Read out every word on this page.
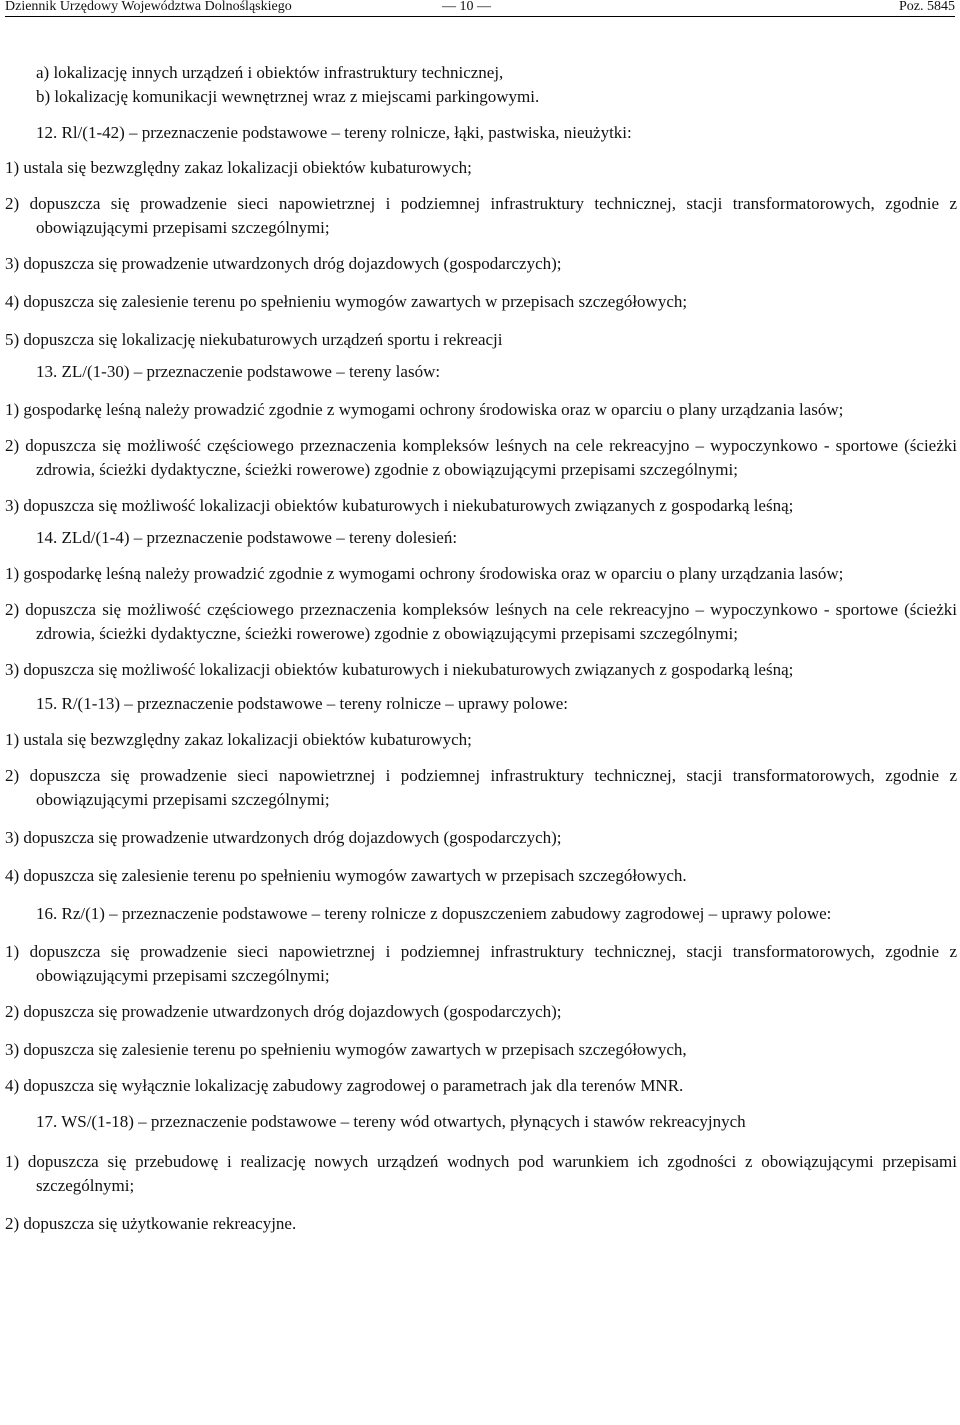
Dziennik Urzędowy Województwa Dolnośląskiego	— 10 —	Poz. 5845

a) lokalizację innych urządzeń i obiektów infrastruktury technicznej,

b) lokalizację komunikacji wewnętrznej wraz z miejscami parkingowymi.

12. Rl/(1-42) – przeznaczenie podstawowe – tereny rolnicze, łąki, pastwiska, nieużytki:

1) ustala się bezwzględny zakaz lokalizacji obiektów kubaturowych;

2) dopuszcza się prowadzenie sieci napowietrznej i podziemnej infrastruktury technicznej, stacji transformatorowych, zgodnie z obowiązującymi przepisami szczególnymi;

3) dopuszcza się prowadzenie utwardzonych dróg dojazdowych (gospodarczych);

4) dopuszcza się zalesienie terenu po spełnieniu wymogów zawartych w przepisach szczegółowych;

5) dopuszcza się lokalizację niekubaturowych urządzeń sportu i rekreacji

13. ZL/(1-30) – przeznaczenie podstawowe – tereny lasów:

1) gospodarkę leśną należy prowadzić zgodnie z wymogami ochrony środowiska oraz w oparciu o plany urządzania lasów;

2) dopuszcza się możliwość częściowego przeznaczenia kompleksów leśnych na cele rekreacyjno – wypoczynkowo - sportowe (ścieżki zdrowia, ścieżki dydaktyczne, ścieżki rowerowe) zgodnie z obowiązującymi przepisami szczególnymi;

3) dopuszcza się możliwość lokalizacji obiektów kubaturowych i niekubaturowych związanych z gospodarką leśną;

14. ZLd/(1-4) – przeznaczenie podstawowe – tereny dolesień:

1) gospodarkę leśną należy prowadzić zgodnie z wymogami ochrony środowiska oraz w oparciu o plany urządzania lasów;

2) dopuszcza się możliwość częściowego przeznaczenia kompleksów leśnych na cele rekreacyjno – wypoczynkowo - sportowe (ścieżki zdrowia, ścieżki dydaktyczne, ścieżki rowerowe) zgodnie z obowiązującymi przepisami szczególnymi;

3) dopuszcza się możliwość lokalizacji obiektów kubaturowych i niekubaturowych związanych z gospodarką leśną;

15. R/(1-13) – przeznaczenie podstawowe – tereny rolnicze – uprawy polowe:

1) ustala się bezwzględny zakaz lokalizacji obiektów kubaturowych;

2) dopuszcza się prowadzenie sieci napowietrznej i podziemnej infrastruktury technicznej, stacji transformatorowych, zgodnie z obowiązującymi przepisami szczególnymi;

3) dopuszcza się prowadzenie utwardzonych dróg dojazdowych (gospodarczych);

4) dopuszcza się zalesienie terenu po spełnieniu wymogów zawartych w przepisach szczegółowych.

16. Rz/(1) – przeznaczenie podstawowe – tereny rolnicze z dopuszczeniem zabudowy zagrodowej – uprawy polowe:

1) dopuszcza się prowadzenie sieci napowietrznej i podziemnej infrastruktury technicznej, stacji transformatorowych, zgodnie z obowiązującymi przepisami szczególnymi;

2) dopuszcza się prowadzenie utwardzonych dróg dojazdowych (gospodarczych);

3) dopuszcza się zalesienie terenu po spełnieniu wymogów zawartych w przepisach szczegółowych,

4) dopuszcza się wyłącznie lokalizację zabudowy zagrodowej o parametrach jak dla terenów MNR.

17. WS/(1-18) – przeznaczenie podstawowe – tereny wód otwartych, płynących i stawów rekreacyjnych

1) dopuszcza się przebudowę i realizację nowych urządzeń wodnych pod warunkiem ich zgodności z obowiązującymi przepisami szczególnymi;

2) dopuszcza się użytkowanie rekreacyjne.
